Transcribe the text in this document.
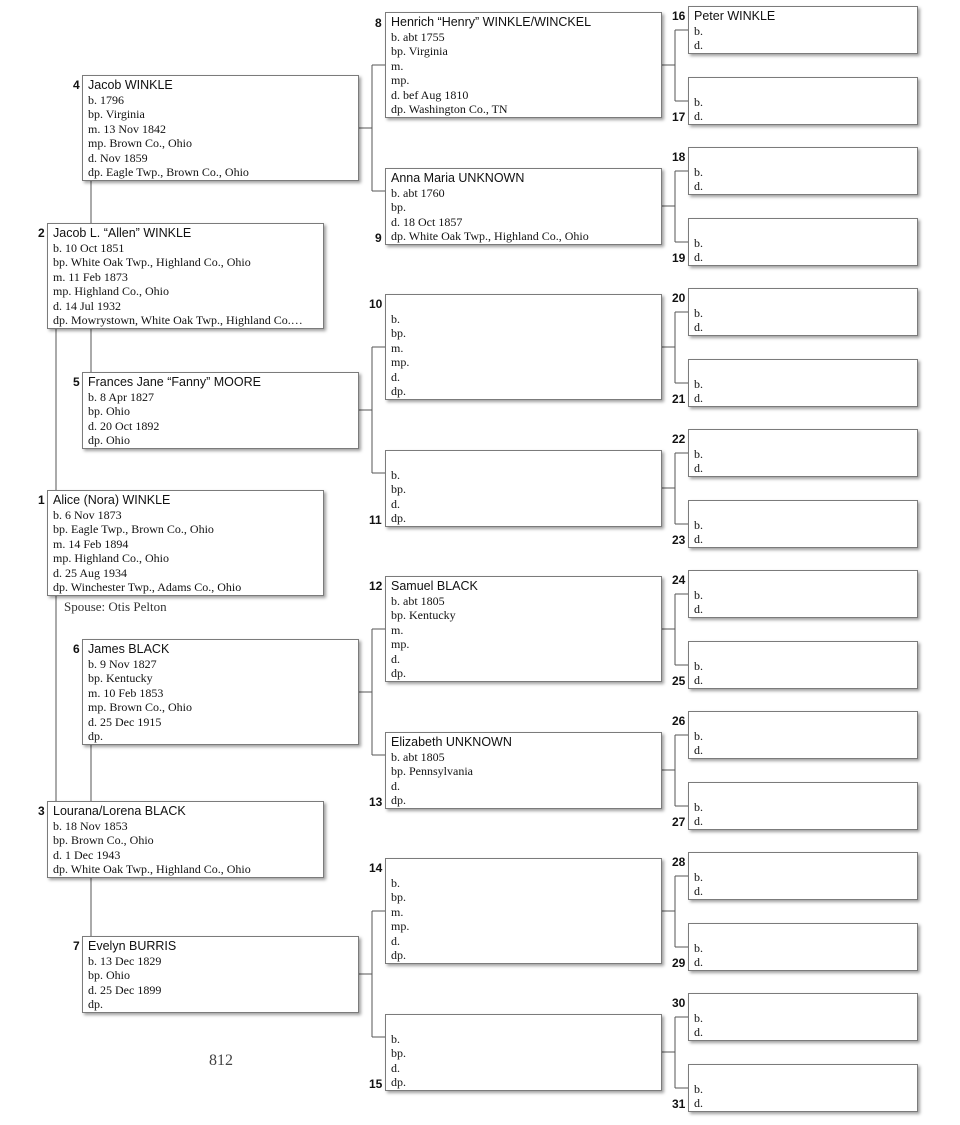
1 Alice (Nora) WINKLE
b. 6 Nov 1873
bp. Eagle Twp., Brown Co., Ohio
m. 14 Feb 1894
mp. Highland Co., Ohio
d. 25 Aug 1934
dp. Winchester Twp., Adams Co., Ohio
Spouse: Otis Pelton
2 Jacob L. “Allen” WINKLE
b. 10 Oct 1851
bp. White Oak Twp., Highland Co., Ohio
m. 11 Feb 1873
mp. Highland Co., Ohio
d. 14 Jul 1932
dp. Mowrystown, White Oak Twp., Highland Co.…
3 Lourana/Lorena BLACK
b. 18 Nov 1853
bp. Brown Co., Ohio
d. 1 Dec 1943
dp. White Oak Twp., Highland Co., Ohio
4 Jacob WINKLE
b. 1796
bp. Virginia
m. 13 Nov 1842
mp. Brown Co., Ohio
d. Nov 1859
dp. Eagle Twp., Brown Co., Ohio
5 Frances Jane “Fanny” MOORE
b. 8 Apr 1827
bp. Ohio
d. 20 Oct 1892
dp. Ohio
6 James BLACK
b. 9 Nov 1827
bp. Kentucky
m. 10 Feb 1853
mp. Brown Co., Ohio
d. 25 Dec 1915
dp.
7 Evelyn BURRIS
b. 13 Dec 1829
bp. Ohio
d. 25 Dec 1899
dp.
8 Henrich “Henry” WINKLE/WINCKEL
b. abt 1755
bp. Virginia
m.
mp.
d. bef Aug 1810
dp. Washington Co., TN
9
Anna Maria UNKNOWN
b. abt 1760
bp.
d. 18 Oct 1857
dp. White Oak Twp., Highland Co., Ohio
10

b.
bp.
m.
mp.
d.
dp.
11

b.
bp.
d.
dp.
12 Samuel BLACK
b. abt 1805
bp. Kentucky
m.
mp.
d.
dp.
13
Elizabeth UNKNOWN
b. abt 1805
bp. Pennsylvania
d.
dp.
14

b.
bp.
m.
mp.
d.
dp.
15

b.
bp.
d.
dp.
16 Peter WINKLE
b.
d.
17

b.
d.
18

b.
d.
19

b.
d.
20

b.
d.
21

b.
d.
22

b.
d.
23

b.
d.
24

b.
d.
25

b.
d.
26

b.
d.
27

b.
d.
28

b.
d.
29

b.
d.
30

b.
d.
31

b.
d.
812
